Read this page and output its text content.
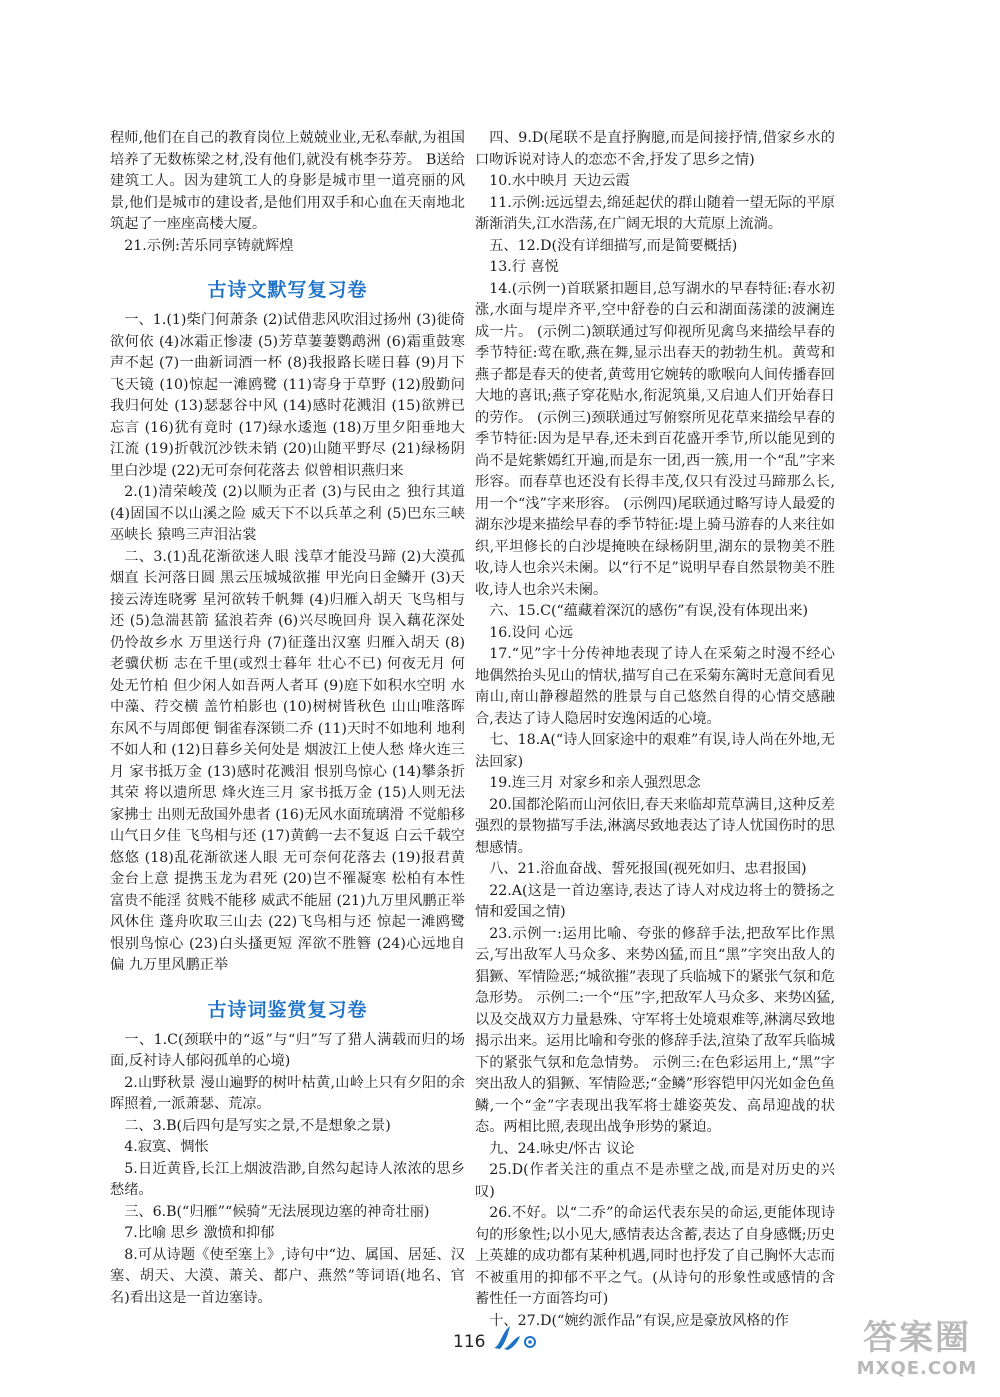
程师,他们在自己的教育岗位上兢兢业业,无私奉献,为祖国培养了无数栋梁之材,没有他们,就没有桃李芬芳。 B送给建筑工人。因为建筑工人的身影是城市里一道亮丽的风景,他们是城市的建设者,是他们用双手和心血在天南地北筑起了一座座高楼大厦。

21.示例:苦乐同享铸就辉煌

古诗文默写复习卷

一、1.(1)柴门何萧条 (2)试借悲风吹泪过扬州 (3)徙倚欲何依 (4)冰霜正惨凄 (5)芳草萋萋鹦鹉洲 (6)霜重鼓寒声不起 (7)一曲新词酒一杯 (8)我报路长嗟日暮 (9)月下飞天镜 (10)惊起一滩鸥鹭 (11)寄身于草野 (12)殷勤问我归何处 (13)瑟瑟谷中风 (14)感时花溅泪 (15)欲辨已忘言 (16)犹有竟时 (17)绿水逶迤 (18)万里夕阳垂地大江流 (19)折戟沉沙铁未销 (20)山随平野尽 (21)绿杨阴里白沙堤 (22)无可奈何花落去 似曾相识燕归来

2.(1)清荣峻茂 (2)以顺为正者 (3)与民由之 独行其道 (4)固国不以山溪之险 威天下不以兵革之利 (5)巴东三峡巫峡长 猿鸣三声泪沾裳

二、3.(1)乱花渐欲迷人眼 浅草才能没马蹄 (2)大漠孤烟直 长河落日圆 黑云压城城欲摧 甲光向日金鳞开 (3)天接云涛连晓雾 星河欲转千帆舞 (4)归雁入胡天 飞鸟相与还 (5)急湍甚箭 猛浪若奔 (6)兴尽晚回舟 误入藕花深处 仍怜故乡水 万里送行舟 (7)征蓬出汉塞 归雁入胡天 (8)老骥伏枥 志在千里(或烈士暮年 壮心不已) 何夜无月 何处无竹柏 但少闲人如吾两人者耳 (9)庭下如积水空明 水中藻、荇交横 盖竹柏影也 (10)树树皆秋色 山山唯落晖 东风不与周郎便 铜雀春深锁二乔 (11)天时不如地利 地利不如人和 (12)日暮乡关何处是 烟波江上使人愁 烽火连三月 家书抵万金 (13)感时花溅泪 恨别鸟惊心 (14)攀条折其荣 将以遗所思 烽火连三月 家书抵万金 (15)人则无法家拂士 出则无敌国外患者 (16)无风水面琉璃滑 不觉船移 山气日夕佳 飞鸟相与还 (17)黄鹤一去不复返 白云千载空悠悠 (18)乱花渐欲迷人眼 无可奈何花落去 (19)报君黄金台上意 提携玉龙为君死 (20)岂不罹凝寒 松柏有本性 富贵不能淫 贫贱不能移 威武不能屈 (21)九万里风鹏正举 风休住 蓬舟吹取三山去 (22)飞鸟相与还 惊起一滩鸥鹭 恨别鸟惊心 (23)白头搔更短 浑欲不胜簪 (24)心远地自偏 九万里风鹏正举

古诗词鉴赏复习卷

一、1.C(颈联中的“返”与“归”写了猎人满载而归的场面,反衬诗人郁闷孤单的心境)

2.山野秋景 漫山遍野的树叶枯黄,山岭上只有夕阳的余晖照着,一派萧瑟、荒凉。

二、3.B(后四句是写实之景,不是想象之景)

4.寂寞、惆怅

5.日近黄昏,长江上烟波浩渺,自然勾起诗人浓浓的思乡愁绪。

三、6.B(“归雁”“候骑”无法展现边塞的神奇壮丽)

7.比喻 思乡 激愤和抑郁

8.可从诗题《使至塞上》,诗句中“边、属国、居延、汉塞、胡天、大漠、萧关、都户、燕然”等词语(地名、官名)看出这是一首边塞诗。

四、9.D(尾联不是直抒胸臆,而是间接抒情,借家乡水的口吻诉说对诗人的恋恋不舍,抒发了思乡之情)

10.水中映月 天边云霞

11.示例:远远望去,绵延起伏的群山随着一望无际的平原渐渐消失,江水浩荡,在广阔无垠的大荒原上流淌。

五、12.D(没有详细描写,而是简要概括)

13.行 喜悦

14.(示例一)首联紧扣题目,总写湖水的早春特征:春水初涨,水面与堤岸齐平,空中舒卷的白云和湖面荡漾的波澜连成一片。 (示例二)颔联通过写仰视所见禽鸟来描绘早春的季节特征:莺在歌,燕在舞,显示出春天的勃勃生机。黄莺和燕子都是春天的使者,黄莺用它婉转的歌喉向人间传播春回大地的喜讯;燕子穿花贴水,衔泥筑巢,又启迪人们开始春日的劳作。 (示例三)颈联通过写俯察所见花草来描绘早春的季节特征:因为是早春,还未到百花盛开季节,所以能见到的尚不是姹紫嫣红开遍,而是东一团,西一簇,用一个“乱”字来形容。而春草也还没有长得丰茂,仅只有没过马蹄那么长,用一个“浅”字来形容。 (示例四)尾联通过略写诗人最爱的湖东沙堤来描绘早春的季节特征:堤上骑马游春的人来往如织,平坦修长的白沙堤掩映在绿杨阴里,湖东的景物美不胜收,诗人也余兴未阑。以“行不足”说明早春自然景物美不胜收,诗人也余兴未阑。

六、15.C(“蕴藏着深沉的感伤”有误,没有体现出来)

16.设问 心远

17.“见”字十分传神地表现了诗人在采菊之时漫不经心地偶然抬头见山的情状,描写自己在采菊东篱时无意间看见南山,南山静穆超然的胜景与自己悠然自得的心情交感融合,表达了诗人隐居时安逸闲适的心境。

七、18.A(“诗人回家途中的艰难”有误,诗人尚在外地,无法回家)

19.连三月 对家乡和亲人强烈思念

20.国都沦陷而山河依旧,春天来临却荒草满目,这种反差强烈的景物描写手法,淋漓尽致地表达了诗人忧国伤时的思想感情。

八、21.浴血奋战、誓死报国(视死如归、忠君报国)

22.A(这是一首边塞诗,表达了诗人对戍边将士的赞扬之情和爱国之情)

23.示例一:运用比喻、夸张的修辞手法,把敌军比作黑云,写出敌军人马众多、来势凶猛,而且“黑”字突出敌人的猖獗、军情险恶;“城欲摧”表现了兵临城下的紧张气氛和危急形势。 示例二:一个“压”字,把敌军人马众多、来势凶猛,以及交战双方力量悬殊、守军将士处境艰难等,淋漓尽致地揭示出来。运用比喻和夸张的修辞手法,渲染了敌军兵临城下的紧张气氛和危急情势。 示例三:在色彩运用上,“黑”字突出敌人的猖獗、军情险恶;“金鳞”形容铠甲闪光如金色鱼鳞,一个“金”字表现出我军将士雄姿英发、高昂迎战的状态。两相比照,表现出战争形势的紧迫。

九、24.咏史/怀古 议论

25.D(作者关注的重点不是赤壁之战,而是对历史的兴叹)

26.不好。以“二乔”的命运代表东吴的命运,更能体现诗句的形象性;以小见大,感情表达含蓄,表达了自身感慨;历史上英雄的成功都有某种机遇,同时也抒发了自己胸怀大志而不被重用的抑郁不平之气。(从诗句的形象性或感情的含蓄性任一方面答均可)

十、27.D(“婉约派作品”有误,应是豪放风格的作

116	答案圈
MXQE.COM
